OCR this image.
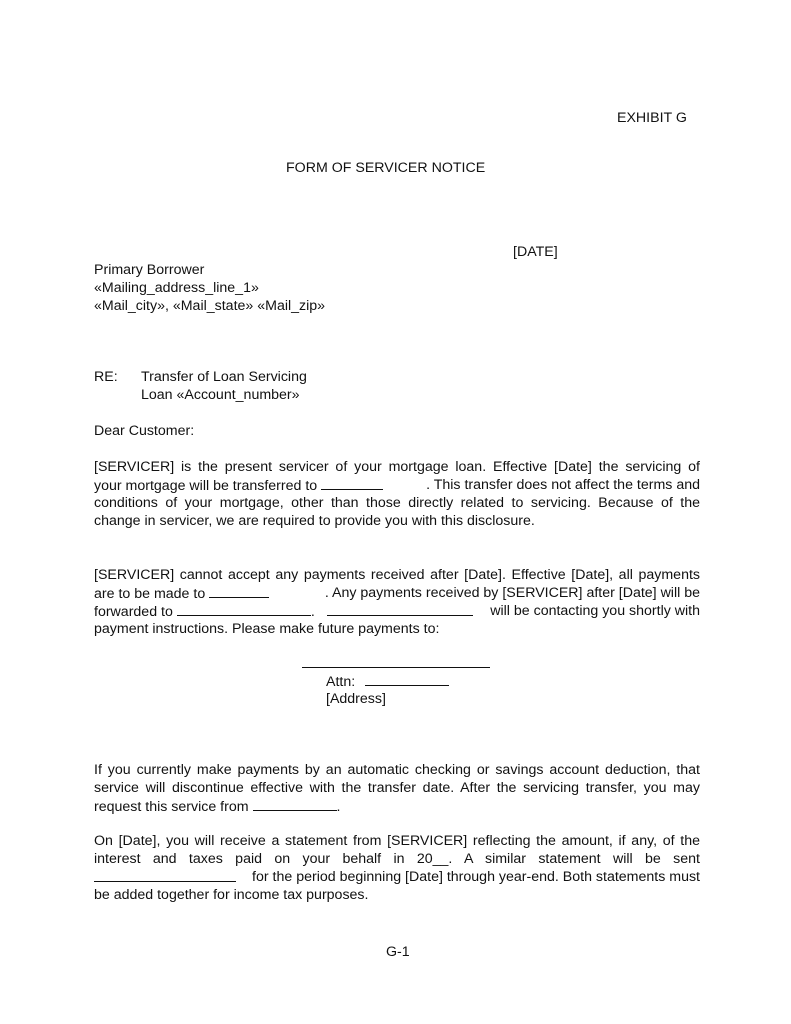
EXHIBIT G
FORM OF SERVICER NOTICE
[DATE]
Primary Borrower
«Mailing_address_line_1»
«Mail_city», «Mail_state» «Mail_zip»
RE: Transfer of Loan Servicing
Loan «Account_number»
Dear Customer:
[SERVICER] is the present servicer of your mortgage loan. Effective [Date] the servicing of
your mortgage will be transferred to	. This transfer does not affect the terms and
conditions of your mortgage, other than those directly related to servicing. Because of the
change in servicer, we are required to provide you with this disclosure.
[SERVICER] cannot accept any payments received after [Date]. Effective [Date], all payments
are to be made to	. Any payments received by [SERVICER] after [Date] will be
forwarded to	.	will be contacting you shortly with
payment instructions. Please make future payments to:
Attn:
[Address]
If you currently make payments by an automatic checking or savings account deduction, that
service will discontinue effective with the transfer date. After the servicing transfer, you may
request this service from	.
On [Date], you will receive a statement from [SERVICER] reflecting the amount, if any, of the
interest and taxes paid on your behalf in 20__. A similar statement will be sent
for the period beginning [Date] through year-end. Both statements must
be added together for income tax purposes.
G-1
